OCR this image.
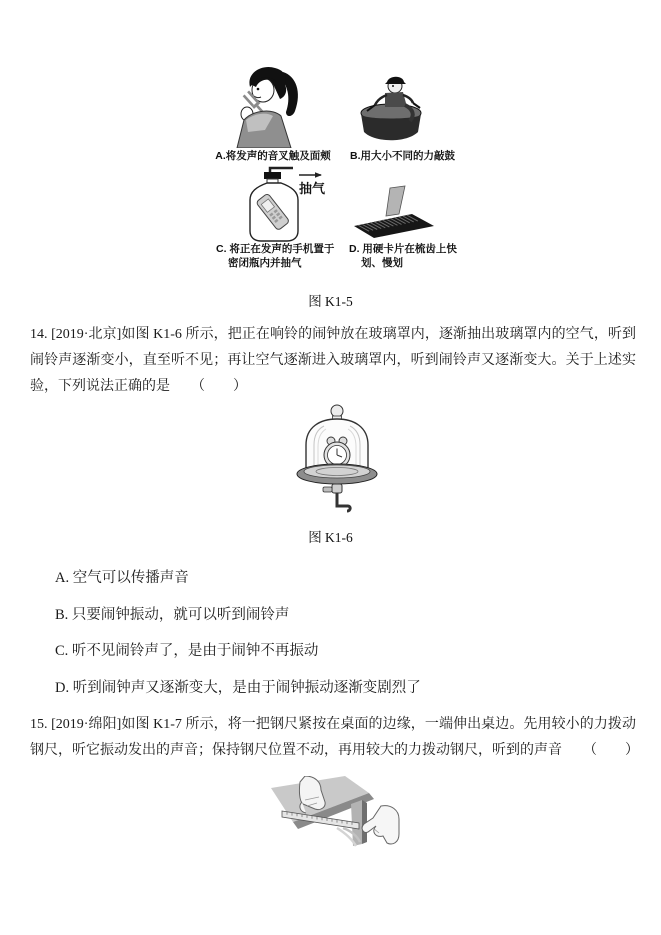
A.将发声的音叉触及面颊	B.用大小不同的力敲鼓
抽气
C. 将正在发声的手机置于
密闭瓶内并抽气
D. 用硬卡片在梳齿上快
划、慢划
图 K1-5
14. [2019·北京]如图 K1-6 所示，把正在响铃的闹钟放在玻璃罩内，逐渐抽出玻璃罩内的空气，听到闹铃声逐渐变小，直至听不见；再让空气逐渐进入玻璃罩内，听到闹铃声又逐渐变大。关于上述实验，下列说法正确的是　　（　　）
图 K1-6
A. 空气可以传播声音
B. 只要闹钟振动，就可以听到闹铃声
C. 听不见闹铃声了，是由于闹钟不再振动
D. 听到闹钟声又逐渐变大，是由于闹钟振动逐渐变剧烈了
15. [2019·绵阳]如图 K1-7 所示，将一把钢尺紧按在桌面的边缘，一端伸出桌边。先用较小的力拨动钢尺，听它振动发出的声音；保持钢尺位置不动，再用较大的力拨动钢尺，听到的声音　　（　　）
